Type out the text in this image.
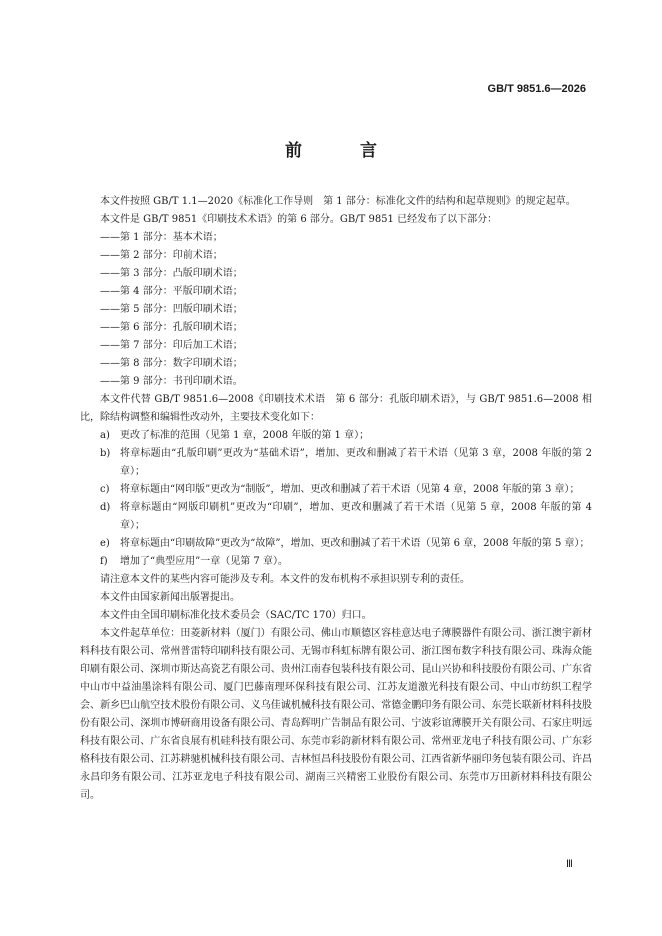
GB/T 9851.6—2026
前 言

本文件按照 GB/T 1.1—2020《标准化工作导则　第 1 部分：标准化文件的结构和起草规则》的规定起草。

本文件是 GB/T 9851《印刷技术术语》的第 6 部分。GB/T 9851 已经发布了以下部分：

——第 1 部分：基本术语；

——第 2 部分：印前术语；

——第 3 部分：凸版印刷术语；

——第 4 部分：平版印刷术语；

——第 5 部分：凹版印刷术语；

——第 6 部分：孔版印刷术语；

——第 7 部分：印后加工术语；

——第 8 部分：数字印刷术语；

——第 9 部分：书刊印刷术语。

本文件代替 GB/T 9851.6—2008《印刷技术术语　第 6 部分：孔版印刷术语》，与 GB/T 9851.6—2008 相比，除结构调整和编辑性改动外，主要技术变化如下：

a) 更改了标准的范围（见第 1 章，2008 年版的第 1 章）；

b) 将章标题由“孔版印刷”更改为“基础术语”，增加、更改和删减了若干术语（见第 3 章，2008 年版的第 2 章）；

c) 将章标题由“网印版”更改为“制版”，增加、更改和删减了若干术语（见第 4 章，2008 年版的第 3 章）；

d) 将章标题由“网版印刷机”更改为“印刷”，增加、更改和删减了若干术语（见第 5 章，2008 年版的第 4 章）；

e) 将章标题由“印刷故障”更改为“故障”，增加、更改和删减了若干术语（见第 6 章，2008 年版的第 5 章）；

f) 增加了“典型应用”一章（见第 7 章）。

请注意本文件的某些内容可能涉及专利。本文件的发布机构不承担识别专利的责任。

本文件由国家新闻出版署提出。

本文件由全国印刷标准化技术委员会（SAC/TC 170）归口。

本文件起草单位：田菱新材料（厦门）有限公司、佛山市顺德区容桂意达电子薄膜器件有限公司、浙江澳宇新材料科技有限公司、常州普雷特印刷科技有限公司、无锡市科虹标牌有限公司、浙江图布数字科技有限公司、珠海众能印刷有限公司、深圳市斯达高瓷艺有限公司、贵州江南春包装科技有限公司、昆山兴协和科技股份有限公司、广东省中山市中益油墨涂料有限公司、厦门巴藤南理环保科技有限公司、江苏友道激光科技有限公司、中山市纺织工程学会、新乡巴山航空技术股份有限公司、义乌佳诚机械科技有限公司、常德金鹏印务有限公司、东莞长联新材料科技股份有限公司、深圳市博研商用设备有限公司、青岛辉明广告制品有限公司、宁波彩谊薄膜开关有限公司、石家庄明远科技有限公司、广东省良展有机硅科技有限公司、东莞市彩韵新材料有限公司、常州亚龙电子科技有限公司、广东彩格科技有限公司、江苏耕驰机械科技有限公司、吉林恒昌科技股份有限公司、江西省新华丽印务包装有限公司、许昌永昌印务有限公司、江苏亚龙电子科技有限公司、湖南三兴精密工业股份有限公司、东莞市万田新材料科技有限公司。

Ⅲ
